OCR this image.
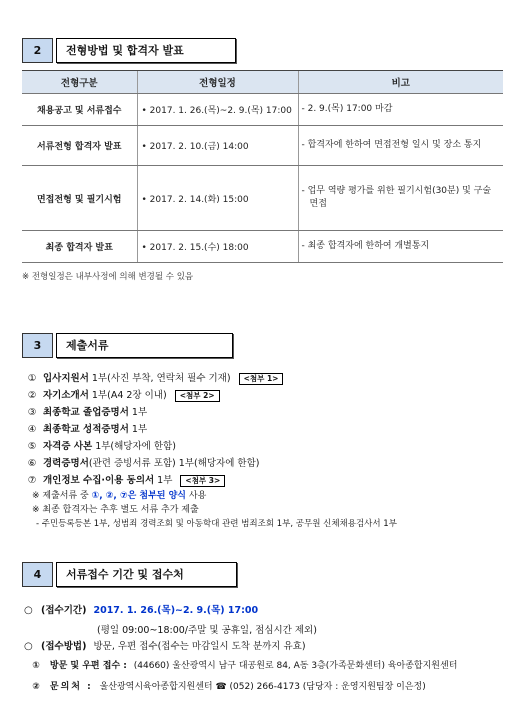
2	전형방법 및 합격자 발표
전형구분	전형일정	비고
채용공고 및 서류접수	• 2017. 1. 26.(목)~2. 9.(목) 17:00	- 2. 9.(목) 17:00 마감

서류전형 합격자 발표	• 2017. 2. 10.(금) 14:00	- 합격자에 한하여 면접전형 일시 및 장소 통지

면접전형 및 필기시험	• 2017. 2. 14.(화) 15:00	- 업무 역량 평가를 위한 필기시험(30분) 및 구술면접

최종 합격자 발표	• 2017. 2. 15.(수) 18:00	- 최종 합격자에 한하여 개별통지
※ 전형일정은 내부사정에 의해 변경될 수 있음
3	제출서류
① 입사지원서 1부(사진 부착, 연락처 필수 기재)	<첨부 1>
② 자기소개서 1부(A4 2장 이내)	<첨부 2>
③ 최종학교 졸업증명서 1부
④ 최종학교 성적증명서 1부
⑤ 자격증 사본 1부(해당자에 한함)
⑥ 경력증명서 (관련 증빙서류 포함) 1부(해당자에 한함)
⑦ 개인정보 수집·이용 동의서 1부	<첨부 3>
※ 제출서류 중 ①, ②, ⑦은 첨부된 양식 사용
※ 최종 합격자는 추후 별도 서류 추가 제출
- 주민등록등본 1부, 성범죄 경력조회 및 아동학대 관련 범죄조회 1부, 공무원 신체채용검사서 1부
4	서류접수 기간 및 접수처
○ (접수기간) 2017. 1. 26.(목)~2. 9.(목) 17:00
(평일 09:00~18:00/주말 및 공휴일, 점심시간 제외)
○ (접수방법) 방문, 우편 접수(접수는 마감일시 도착 분까지 유효)
① 방문 및 우편 접수 : (44660) 울산광역시 남구 대공원로 84, A동 3층(가족문화센터) 육아종합지원센터
② 문의처 : 울산광역시육아종합지원센터 ☎ (052) 266-4173 (담당자 : 운영지원팀장 이은정)
